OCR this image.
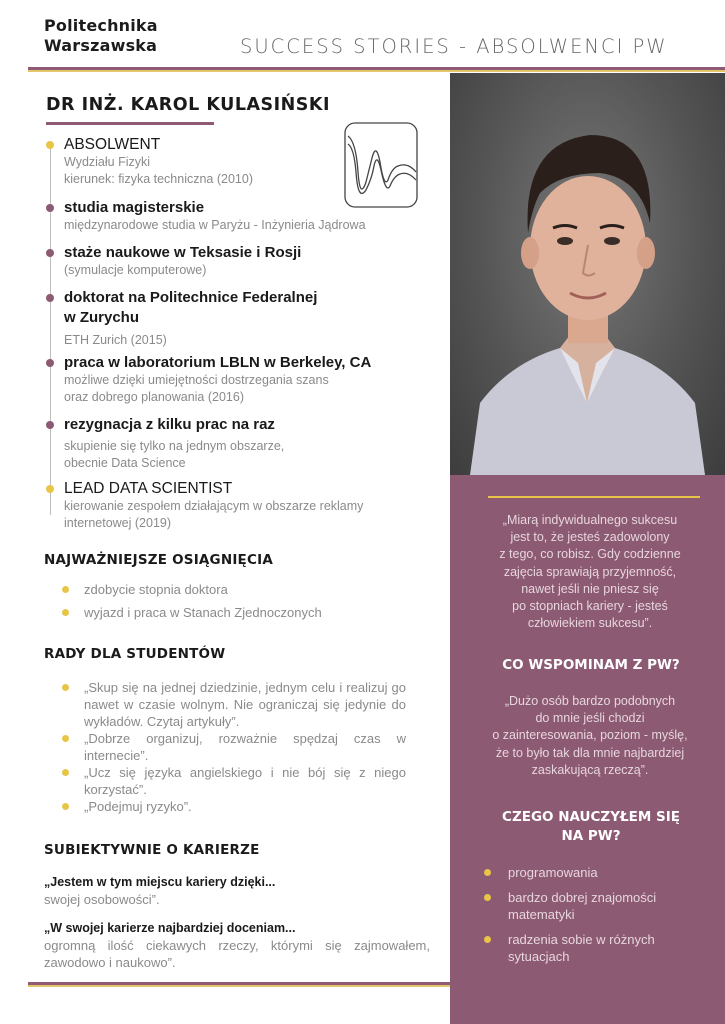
Politechnika
Warszawska	SUCCESS STORIES - ABSOLWENCI PW
„Miarą indywidualnego sukcesu
jest to, że jesteś zadowolony
z tego, co robisz. Gdy codzienne
zajęcia sprawiają przyjemność,
nawet jeśli nie pniesz się
po stopniach kariery - jesteś
człowiekiem sukcesu”.
CO WSPOMINAM Z PW?
„Dużo osób bardzo podobnych
do mnie jeśli chodzi
o zainteresowania, poziom - myślę,
że to było tak dla mnie najbardziej
zaskakującą rzeczą”.
CZEGO NAUCZYŁEM SIĘ
NA PW?
programowania
bardzo dobrej znajomości matematyki
radzenia sobie w różnych sytuacjach
DR INŻ. KAROL KULASIŃSKI
ABSOLWENT
Wydziału Fizyki
kierunek: fizyka techniczna (2010)
studia magisterskie
międzynarodowe studia w Paryżu - Inżynieria Jądrowa
staże naukowe w Teksasie i Rosji
(symulacje komputerowe)
doktorat na Politechnice Federalnej
w Zurychu
ETH Zurich (2015)
praca w laboratorium LBLN w Berkeley, CA
możliwe dzięki umiejętności dostrzegania szans
oraz dobrego planowania (2016)
rezygnacja z kilku prac na raz
skupienie się tylko na jednym obszarze,
obecnie Data Science
LEAD DATA SCIENTIST
kierowanie zespołem działającym w obszarze reklamy
internetowej (2019)
NAJWAŻNIEJSZE OSIĄGNIĘCIA
zdobycie stopnia doktora
wyjazd i praca w Stanach Zjednoczonych
RADY DLA STUDENTÓW
„Skup się na jednej dziedzinie, jednym celu i realizuj go nawet w czasie wolnym. Nie ograniczaj się jedynie do wykładów. Czytaj artykuły”.
„Dobrze organizuj, rozważnie spędzaj czas w internecie”.
„Ucz się języka angielskiego i nie bój się z niego korzystać”.
„Podejmuj ryzyko”.
SUBIEKTYWNIE O KARIERZE
„Jestem w tym miejscu kariery dzięki...
swojej osobowości”.
„W swojej karierze najbardziej doceniam...
ogromną ilość ciekawych rzeczy, którymi się zajmowałem, zawodowo i naukowo”.
